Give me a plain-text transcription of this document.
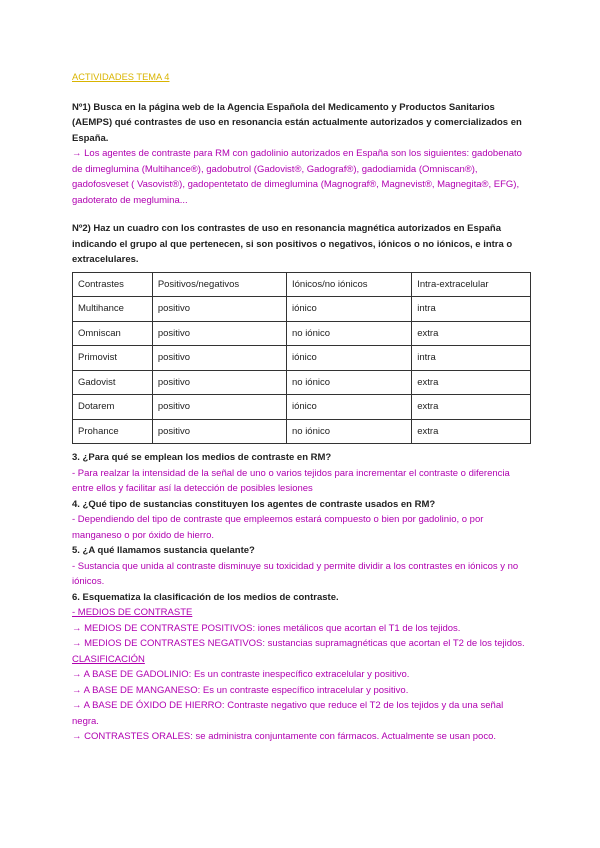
ACTIVIDADES TEMA 4
Nº1) Busca en la página web de la Agencia Española del Medicamento y Productos Sanitarios (AEMPS) qué contrastes de uso en resonancia están actualmente autorizados y comercializados en España.
→ Los agentes de contraste para RM con gadolinio autorizados en España son los siguientes: gadobenato de dimeglumina (Multihance®), gadobutrol (Gadovist®, Gadograf®), gadodiamida (Omniscan®), gadofosveset ( Vasovist®), gadopentetato de dimeglumina (Magnograf®, Magnevist®, Magnegita®, EFG), gadoterato de meglumina...
Nº2) Haz un cuadro con los contrastes de uso en resonancia magnética autorizados en España indicando el grupo al que pertenecen, si son positivos o negativos, iónicos o no iónicos, e intra o extracelulares.
Contrastes	Positivos/negativos	Iónicos/no iónicos	Intra-extracelular
Multihance	positivo	iónico	intra
Omniscan	positivo	no iónico	extra
Primovist	positivo	iónico	intra
Gadovist	positivo	no iónico	extra
Dotarem	positivo	iónico	extra
Prohance	positivo	no iónico	extra
3. ¿Para qué se emplean los medios de contraste en RM?
- Para realzar la intensidad de la señal de uno o varios tejidos para incrementar el contraste o diferencia entre ellos y facilitar así la detección de posibles lesiones
4. ¿Qué tipo de sustancias constituyen los agentes de contraste usados en RM?
- Dependiendo del tipo de contraste que empleemos estará compuesto o bien por gadolinio, o por manganeso o por óxido de hierro.
5. ¿A qué llamamos sustancia quelante?
- Sustancia que unida al contraste disminuye su toxicidad y permite dividir a los contrastes en iónicos y no iónicos.
6. Esquematiza la clasificación de los medios de contraste.
- MEDIOS DE CONTRASTE
→ MEDIOS DE CONTRASTE POSITIVOS: iones metálicos que acortan el T1 de los tejidos.
→ MEDIOS DE CONTRASTES NEGATIVOS: sustancias supramagnéticas que acortan el T2 de los tejidos.
CLASIFICACIÓN
→ A BASE DE GADOLINIO: Es un contraste inespecífico extracelular y positivo.
→ A BASE DE MANGANESO: Es un contraste específico intracelular y positivo.
→ A BASE DE ÓXIDO DE HIERRO: Contraste negativo que reduce el T2 de los tejidos y da una señal negra.
→ CONTRASTES ORALES: se administra conjuntamente con fármacos. Actualmente se usan poco.
